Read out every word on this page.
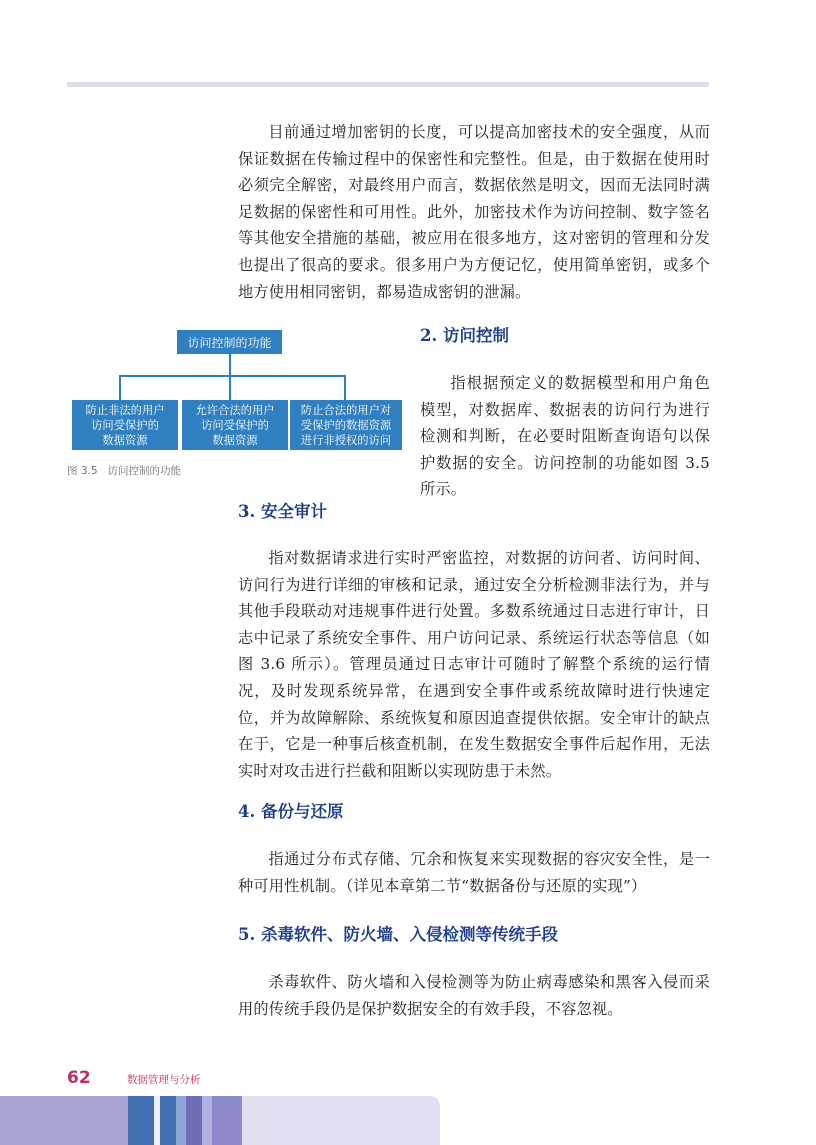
目前通过增加密钥的长度，可以提高加密技术的安全强度，从而保证数据在传输过程中的保密性和完整性。但是，由于数据在使用时必须完全解密，对最终用户而言，数据依然是明文，因而无法同时满足数据的保密性和可用性。此外，加密技术作为访问控制、数字签名等其他安全措施的基础，被应用在很多地方，这对密钥的管理和分发也提出了很高的要求。很多用户为方便记忆，使用简单密钥，或多个地方使用相同密钥，都易造成密钥的泄漏。

访问控制的功能
防止非法的用户
访问受保护的
数据资源
允许合法的用户
访问受保护的
数据资源
防止合法的用户对
受保护的数据资源
进行非授权的访问
图 3.5 访问控制的功能
2. 访问控制

指根据预定义的数据模型和用户角色模型，对数据库、数据表的访问行为进行检测和判断，在必要时阻断查询语句以保护数据的安全。访问控制的功能如图 3.5 所示。

3. 安全审计

指对数据请求进行实时严密监控，对数据的访问者、访问时间、访问行为进行详细的审核和记录，通过安全分析检测非法行为，并与其他手段联动对违规事件进行处置。多数系统通过日志进行审计，日志中记录了系统安全事件、用户访问记录、系统运行状态等信息（如图 3.6 所示）。管理员通过日志审计可随时了解整个系统的运行情况，及时发现系统异常，在遇到安全事件或系统故障时进行快速定位，并为故障解除、系统恢复和原因追查提供依据。安全审计的缺点在于，它是一种事后核查机制，在发生数据安全事件后起作用，无法实时对攻击进行拦截和阻断以实现防患于未然。

4. 备份与还原

指通过分布式存储、冗余和恢复来实现数据的容灾安全性，是一种可用性机制。（详见本章第二节“数据备份与还原的实现”）

5. 杀毒软件、防火墙、入侵检测等传统手段

杀毒软件、防火墙和入侵检测等为防止病毒感染和黑客入侵而采用的传统手段仍是保护数据安全的有效手段，不容忽视。

62	数据管理与分析
